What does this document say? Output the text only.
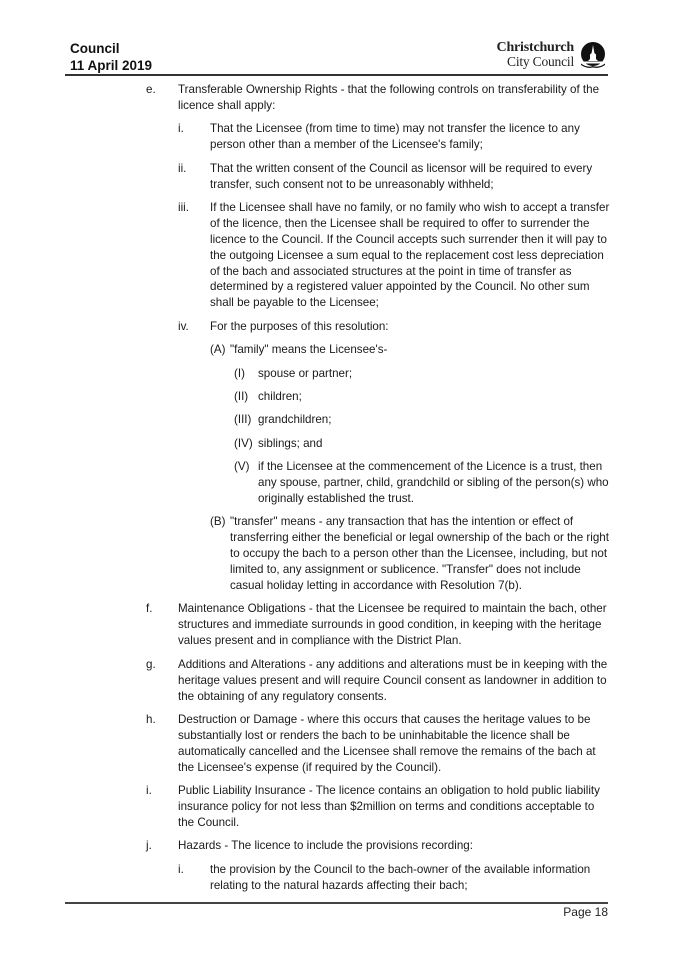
Council
11 April 2019
Christchurch
City Council
e. Transferable Ownership Rights - that the following controls on transferability of the licence shall apply:
i. That the Licensee (from time to time) may not transfer the licence to any person other than a member of the Licensee's family;
ii. That the written consent of the Council as licensor will be required to every transfer, such consent not to be unreasonably withheld;
iii. If the Licensee shall have no family, or no family who wish to accept a transfer of the licence, then the Licensee shall be required to offer to surrender the licence to the Council. If the Council accepts such surrender then it will pay to the outgoing Licensee a sum equal to the replacement cost less depreciation of the bach and associated structures at the point in time of transfer as determined by a registered valuer appointed by the Council. No other sum shall be payable to the Licensee;
iv. For the purposes of this resolution:
(A) "family" means the Licensee's-
(I) spouse or partner;
(II) children;
(III) grandchildren;
(IV) siblings; and
(V) if the Licensee at the commencement of the Licence is a trust, then any spouse, partner, child, grandchild or sibling of the person(s) who originally established the trust.
(B) "transfer" means - any transaction that has the intention or effect of transferring either the beneficial or legal ownership of the bach or the right to occupy the bach to a person other than the Licensee, including, but not limited to, any assignment or sublicence. "Transfer" does not include casual holiday letting in accordance with Resolution 7(b).
f. Maintenance Obligations - that the Licensee be required to maintain the bach, other structures and immediate surrounds in good condition, in keeping with the heritage values present and in compliance with the District Plan.
g. Additions and Alterations - any additions and alterations must be in keeping with the heritage values present and will require Council consent as landowner in addition to the obtaining of any regulatory consents.
h. Destruction or Damage - where this occurs that causes the heritage values to be substantially lost or renders the bach to be uninhabitable the licence shall be automatically cancelled and the Licensee shall remove the remains of the bach at the Licensee's expense (if required by the Council).
i. Public Liability Insurance - The licence contains an obligation to hold public liability insurance policy for not less than $2million on terms and conditions acceptable to the Council.
j. Hazards - The licence to include the provisions recording:
i. the provision by the Council to the bach-owner of the available information relating to the natural hazards affecting their bach;
Page 18
